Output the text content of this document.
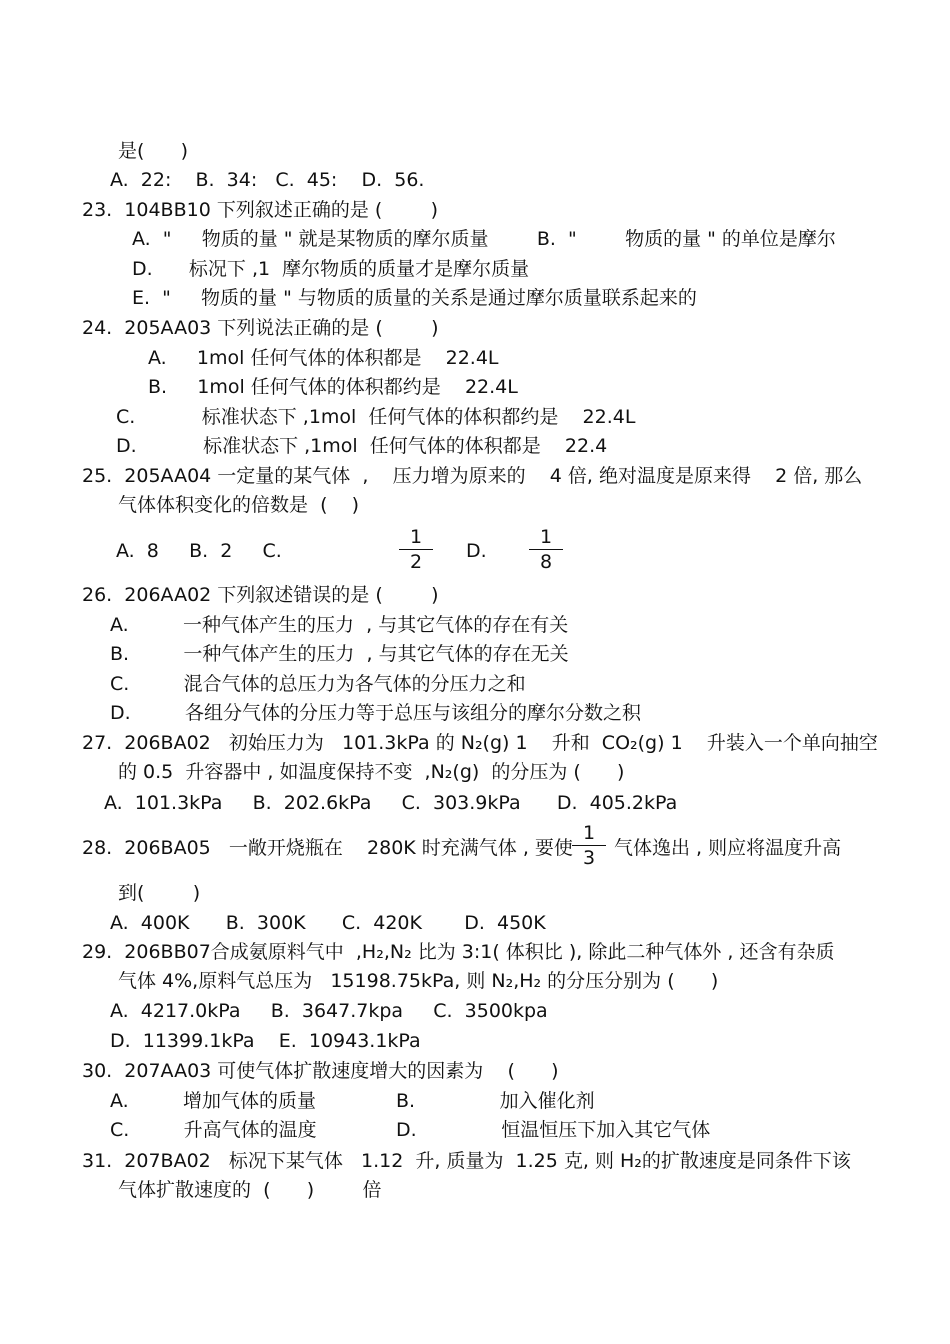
是(      )
A.  22:    B.  34:   C.  45:    D.  56.
23.  104BB10 下列叙述正确的是 (        )
A.  "     物质的量 " 就是某物质的摩尔质量        B.  "        物质的量 " 的单位是摩尔
D.      标况下 ,1  摩尔物质的质量才是摩尔质量
E.  "     物质的量 " 与物质的质量的关系是通过摩尔质量联系起来的
24.  205AA03 下列说法正确的是 (        )
A.     1mol 任何气体的体积都是    22.4L
B.     1mol 任何气体的体积都约是    22.4L
C.           标准状态下 ,1mol  任何气体的体积都约是    22.4L
D.           标准状态下 ,1mol  任何气体的体积都是    22.4
25.  205AA04 一定量的某气体  ,    压力增为原来的    4 倍, 绝对温度是原来得    2 倍, 那么
气体体积变化的倍数是  (    )
A.  8     B.  2     C.
1
2	D.
1
8
26.  206AA02 下列叙述错误的是 (        )
A.         一种气体产生的压力  , 与其它气体的存在有关
B.         一种气体产生的压力  , 与其它气体的存在无关
C.         混合气体的总压力为各气体的分压力之和
D.         各组分气体的分压力等于总压与该组分的摩尔分数之积
27.  206BA02   初始压力为   101.3kPa 的 N₂(g) 1    升和  CO₂(g) 1    升装入一个单向抽空
的 0.5  升容器中 , 如温度保持不变  ,N₂(g)  的分压为 (      )
A.  101.3kPa     B.  202.6kPa     C.  303.9kPa      D.  405.2kPa
28.  206BA05   一敞开烧瓶在    280K 时充满气体 , 要使
1
3 气体逸出 , 则应将温度升高
到(        )
A.  400K      B.  300K      C.  420K       D.  450K
29.  206BB07合成氨原料气中  ,H₂,N₂ 比为 3:1( 体积比 ), 除此二种气体外 , 还含有杂质
气体 4%,原料气总压为   15198.75kPa, 则 N₂,H₂ 的分压分别为 (      )
A.  4217.0kPa     B.  3647.7kpa     C.  3500kpa
D.  11399.1kPa    E.  10943.1kPa
30.  207AA03 可使气体扩散速度增大的因素为    (      )
A.         增加气体的质量	B.              加入催化剂
C.         升高气体的温度	D.              恒温恒压下加入其它气体
31.  207BA02   标况下某气体   1.12  升, 质量为  1.25 克, 则 H₂的扩散速度是同条件下该
气体扩散速度的  (      )        倍
